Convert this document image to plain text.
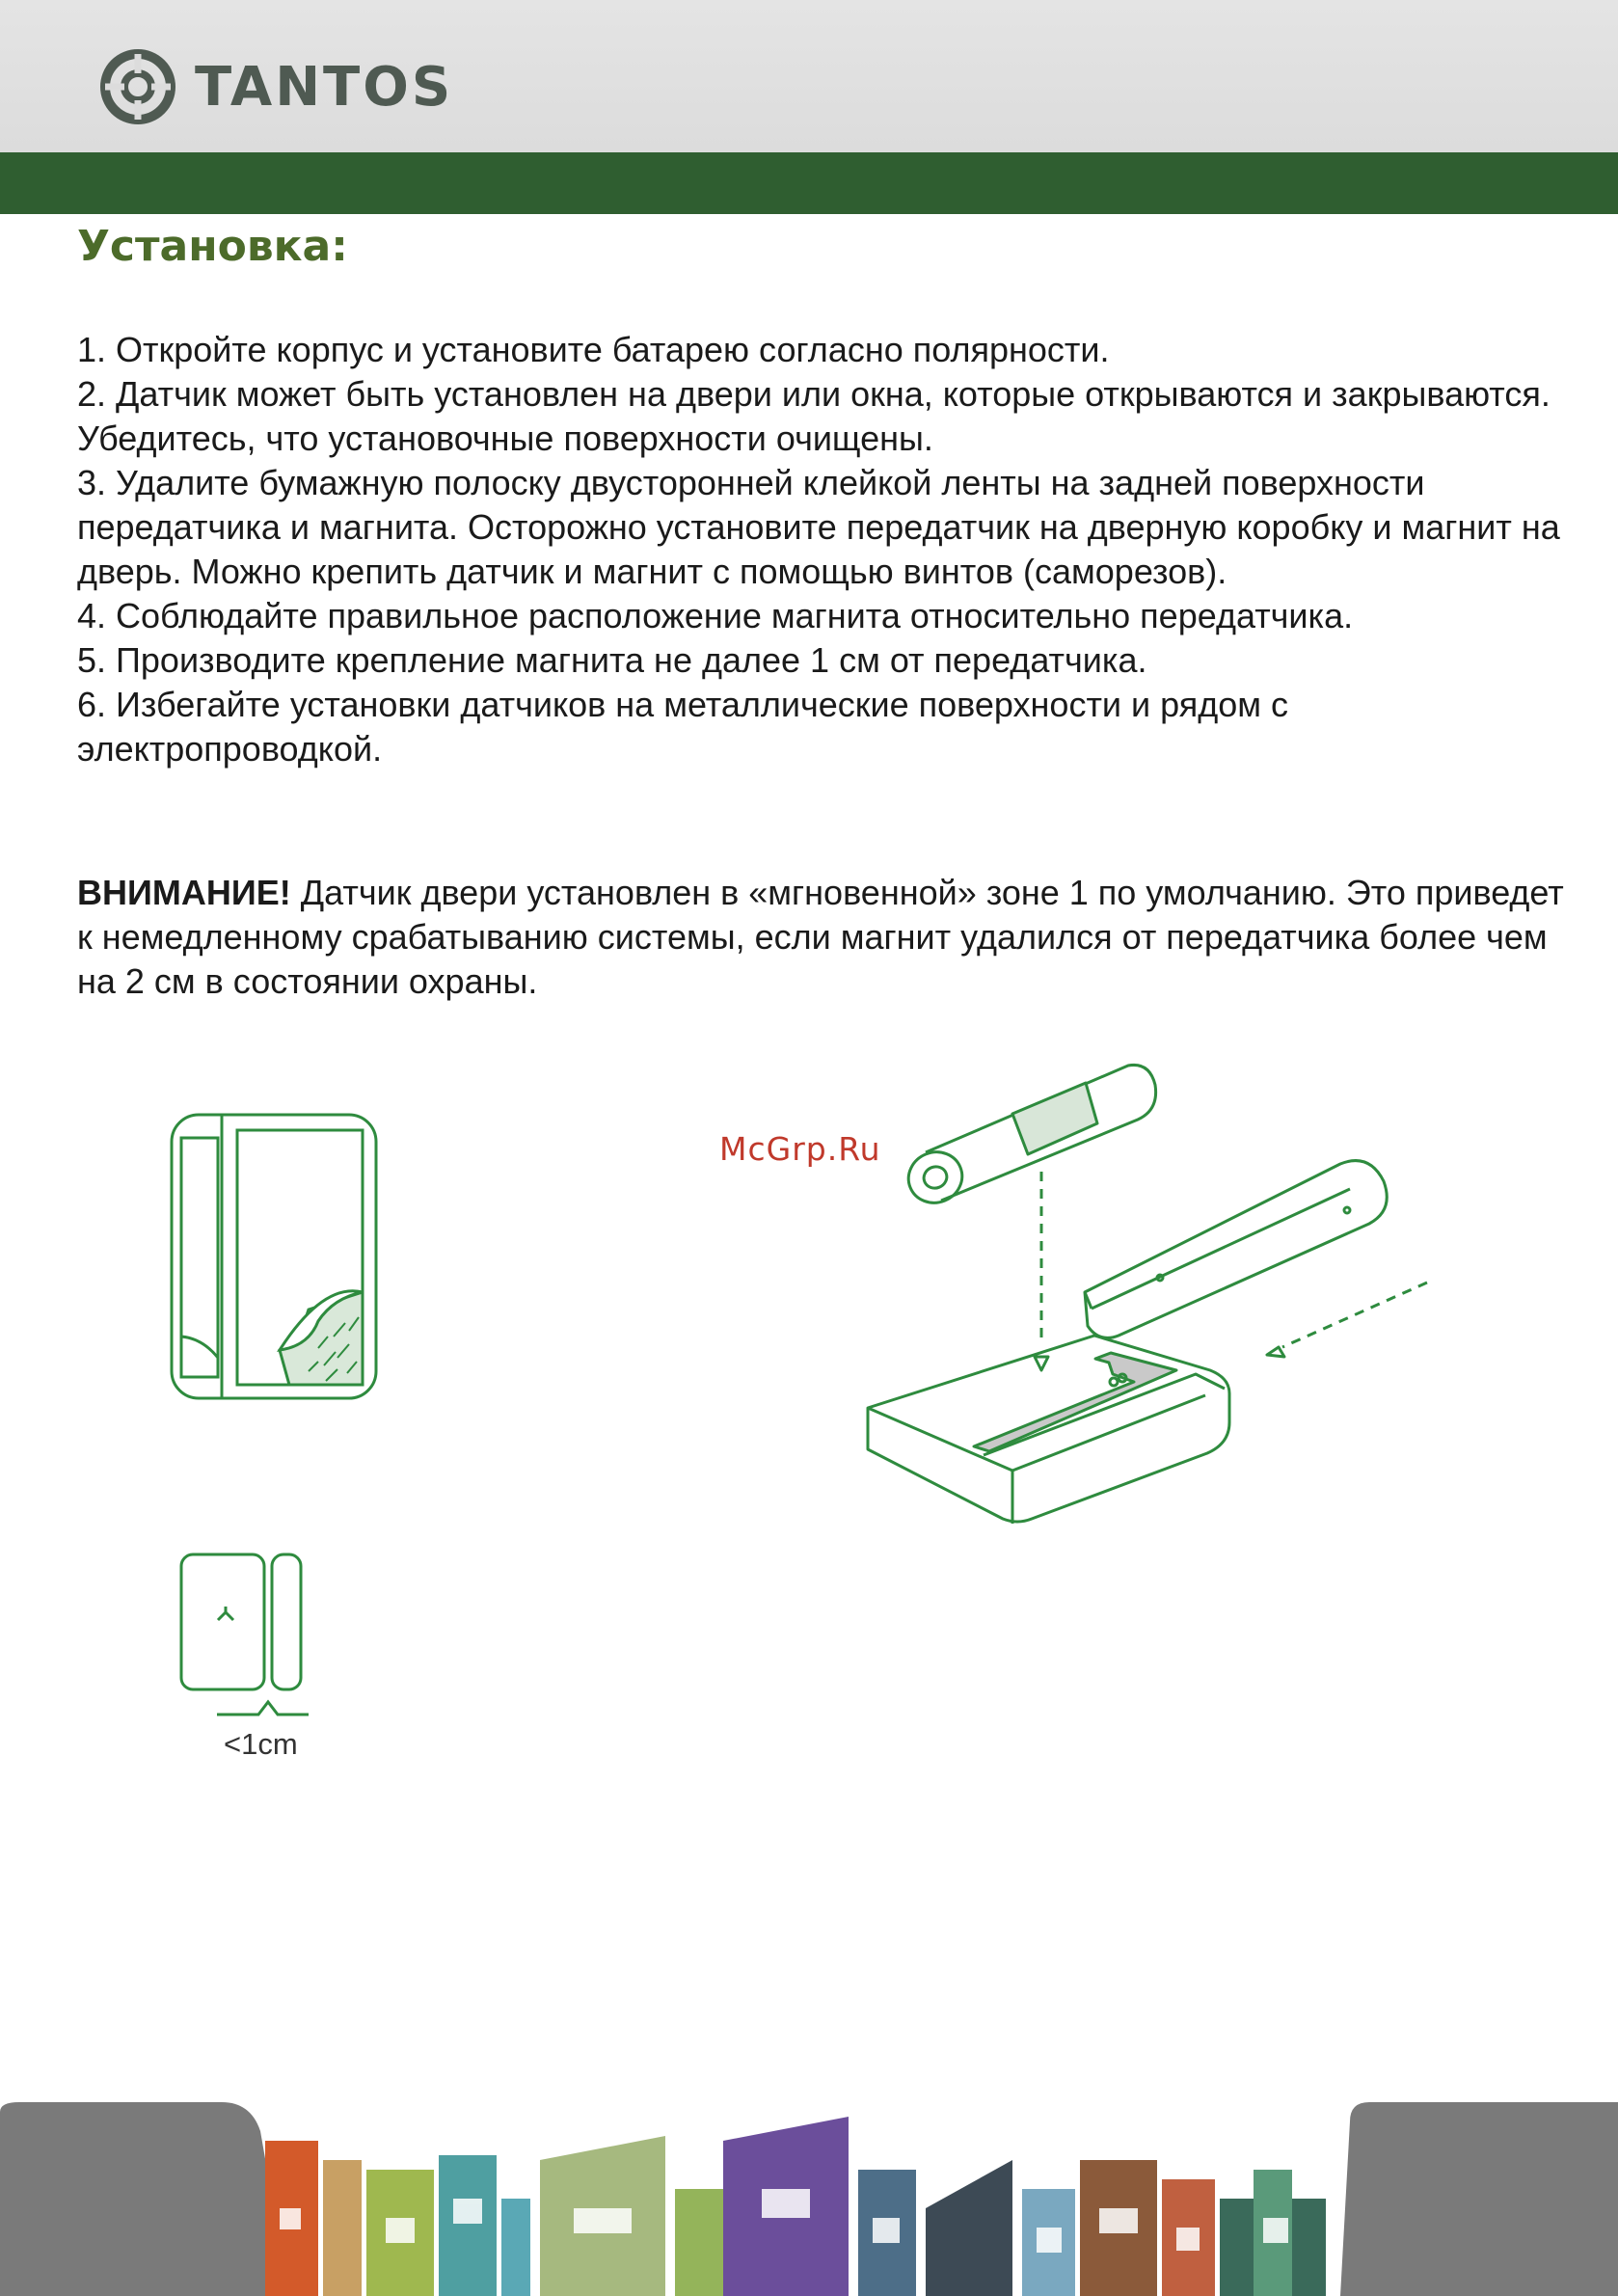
TANTOS
Установка:
1. Откройте корпус и установите батарею согласно полярности.
2. Датчик может быть установлен на двери или окна, которые открываются и закрываются. Убедитесь, что установочные поверхности очищены.
3. Удалите бумажную полоску двусторонней клейкой ленты на задней поверхности передатчика и магнита. Осторожно установите передатчик на дверную коробку и магнит на дверь. Можно крепить датчик и магнит с помощью винтов (саморезов).
4. Соблюдайте правильное расположение магнита относительно передатчика.
5. Производите крепление магнита не далее 1 см от передатчика.
6. Избегайте установки датчиков на металлические поверхности и рядом с электропроводкой.

ВНИМАНИЕ! Датчик двери установлен в «мгновенной» зоне 1 по умолчанию. Это приведет к немедленному срабатыванию системы, если магнит удалился от передатчика более чем на 2 см в состоянии охраны.

<1cm
McGrp.Ru
